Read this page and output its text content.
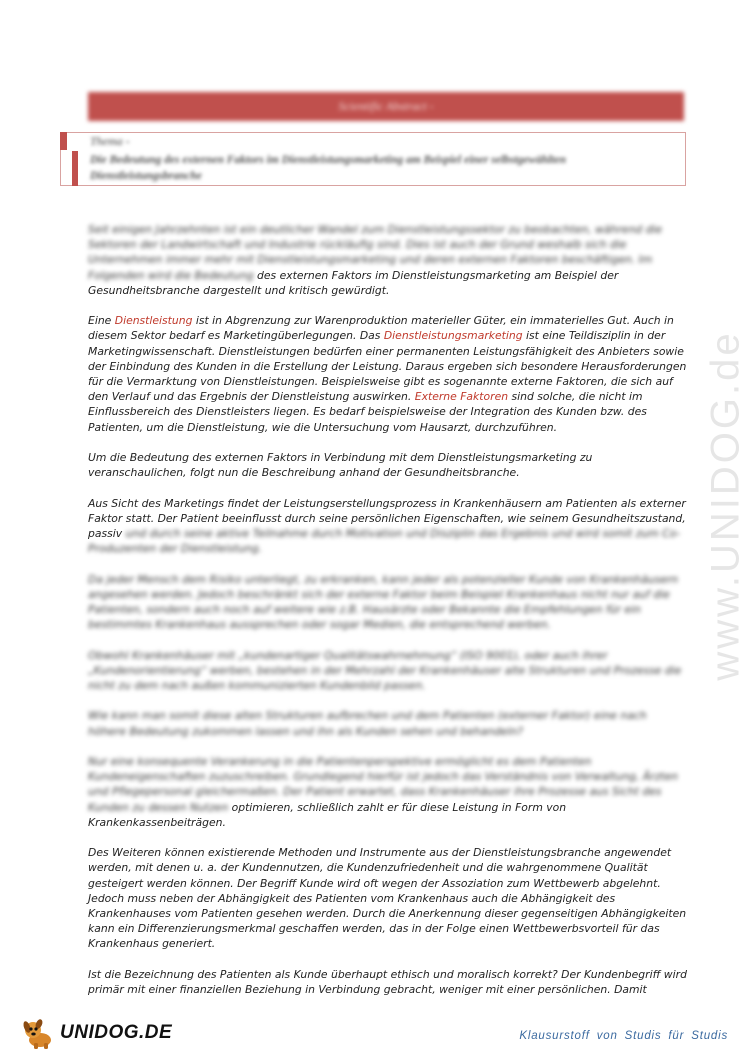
Scientific Abstract -
Thema -
Die Bedeutung des externen Faktors im Dienstleistungsmarketing am Beispiel einer selbstgewählten Dienstleistungsbranche

Seit einigen Jahrzehnten ist ein deutlicher Wandel zum Dienstleistungssektor zu beobachten, während die Sektoren der Landwirtschaft und Industrie rückläufig sind. Dies ist auch der Grund weshalb sich die Unternehmen immer mehr mit Dienstleistungsmarketing und deren externen Faktoren beschäftigen. Im Folgenden wird die Bedeutung des externen Faktors im Dienstleistungsmarketing am Beispiel der Gesundheitsbranche dargestellt und kritisch gewürdigt.

Eine Dienstleistung ist in Abgrenzung zur Warenproduktion materieller Güter, ein immaterielles Gut. Auch in diesem Sektor bedarf es Marketingüberlegungen. Das Dienstleistungsmarketing ist eine Teildisziplin in der Marketingwissenschaft. Dienstleistungen bedürfen einer permanenten Leistungsfähigkeit des Anbieters sowie der Einbindung des Kunden in die Erstellung der Leistung. Daraus ergeben sich besondere Herausforderungen für die Vermarktung von Dienstleistungen. Beispielsweise gibt es sogenannte externe Faktoren, die sich auf den Verlauf und das Ergebnis der Dienstleistung auswirken. Externe Faktoren sind solche, die nicht im Einflussbereich des Dienstleisters liegen. Es bedarf beispielsweise der Integration des Kunden bzw. des Patienten, um die Dienstleistung, wie die Untersuchung vom Hausarzt, durchzuführen.

Um die Bedeutung des externen Faktors in Verbindung mit dem Dienstleistungsmarketing zu veranschaulichen, folgt nun die Beschreibung anhand der Gesundheitsbranche.

Aus Sicht des Marketings findet der Leistungserstellungsprozess in Krankenhäusern am Patienten als externer Faktor statt. Der Patient beeinflusst durch seine persönlichen Eigenschaften, wie seinem Gesundheitszustand, passiv und durch seine aktive Teilnahme durch Motivation und Disziplin das Ergebnis und wird somit zum Co-Produzenten der Dienstleistung.

Da jeder Mensch dem Risiko unterliegt, zu erkranken, kann jeder als potenzieller Kunde von Krankenhäusern angesehen werden. Jedoch beschränkt sich der externe Faktor beim Beispiel Krankenhaus nicht nur auf die Patienten, sondern auch noch auf weitere wie z.B. Hausärzte oder Bekannte die Empfehlungen für ein bestimmtes Krankenhaus aussprechen oder sogar Medien, die entsprechend werben.

Obwohl Krankenhäuser mit „kundenartiger Qualitätswahrnehmung“ (ISO 9001), oder auch ihrer „Kundenorientierung“ werben, bestehen in der Mehrzahl der Krankenhäuser alte Strukturen und Prozesse die nicht zu dem nach außen kommunizierten Kundenbild passen.

Wie kann man somit diese alten Strukturen aufbrechen und dem Patienten (externer Faktor) eine nach höhere Bedeutung zukommen lassen und ihn als Kunden sehen und behandeln?

Nur eine konsequente Verankerung in die Patientenperspektive ermöglicht es dem Patienten Kundeneigenschaften zuzuschreiben. Grundlegend hierfür ist jedoch das Verständnis von Verwaltung, Ärzten und Pflegepersonal gleichermaßen. Der Patient erwartet, dass Krankenhäuser ihre Prozesse aus Sicht des Kunden zu dessen Nutzen optimieren, schließlich zahlt er für diese Leistung in Form von Krankenkassenbeiträgen.

Des Weiteren können existierende Methoden und Instrumente aus der Dienstleistungsbranche angewendet werden, mit denen u. a. der Kundennutzen, die Kundenzufriedenheit und die wahrgenommene Qualität gesteigert werden können. Der Begriff Kunde wird oft wegen der Assoziation zum Wettbewerb abgelehnt. Jedoch muss neben der Abhängigkeit des Patienten vom Krankenhaus auch die Abhängigkeit des Krankenhauses vom Patienten gesehen werden. Durch die Anerkennung dieser gegenseitigen Abhängigkeiten kann ein Differenzierungsmerkmal geschaffen werden, das in der Folge einen Wettbewerbsvorteil für das Krankenhaus generiert.

Ist die Bezeichnung des Patienten als Kunde überhaupt ethisch und moralisch korrekt? Der Kundenbegriff wird primär mit einer finanziellen Beziehung in Verbindung gebracht, weniger mit einer persönlichen. Damit

www.UNIDOG.de
UNIDOG.DE	Klausurstoff von Studis für Studis
